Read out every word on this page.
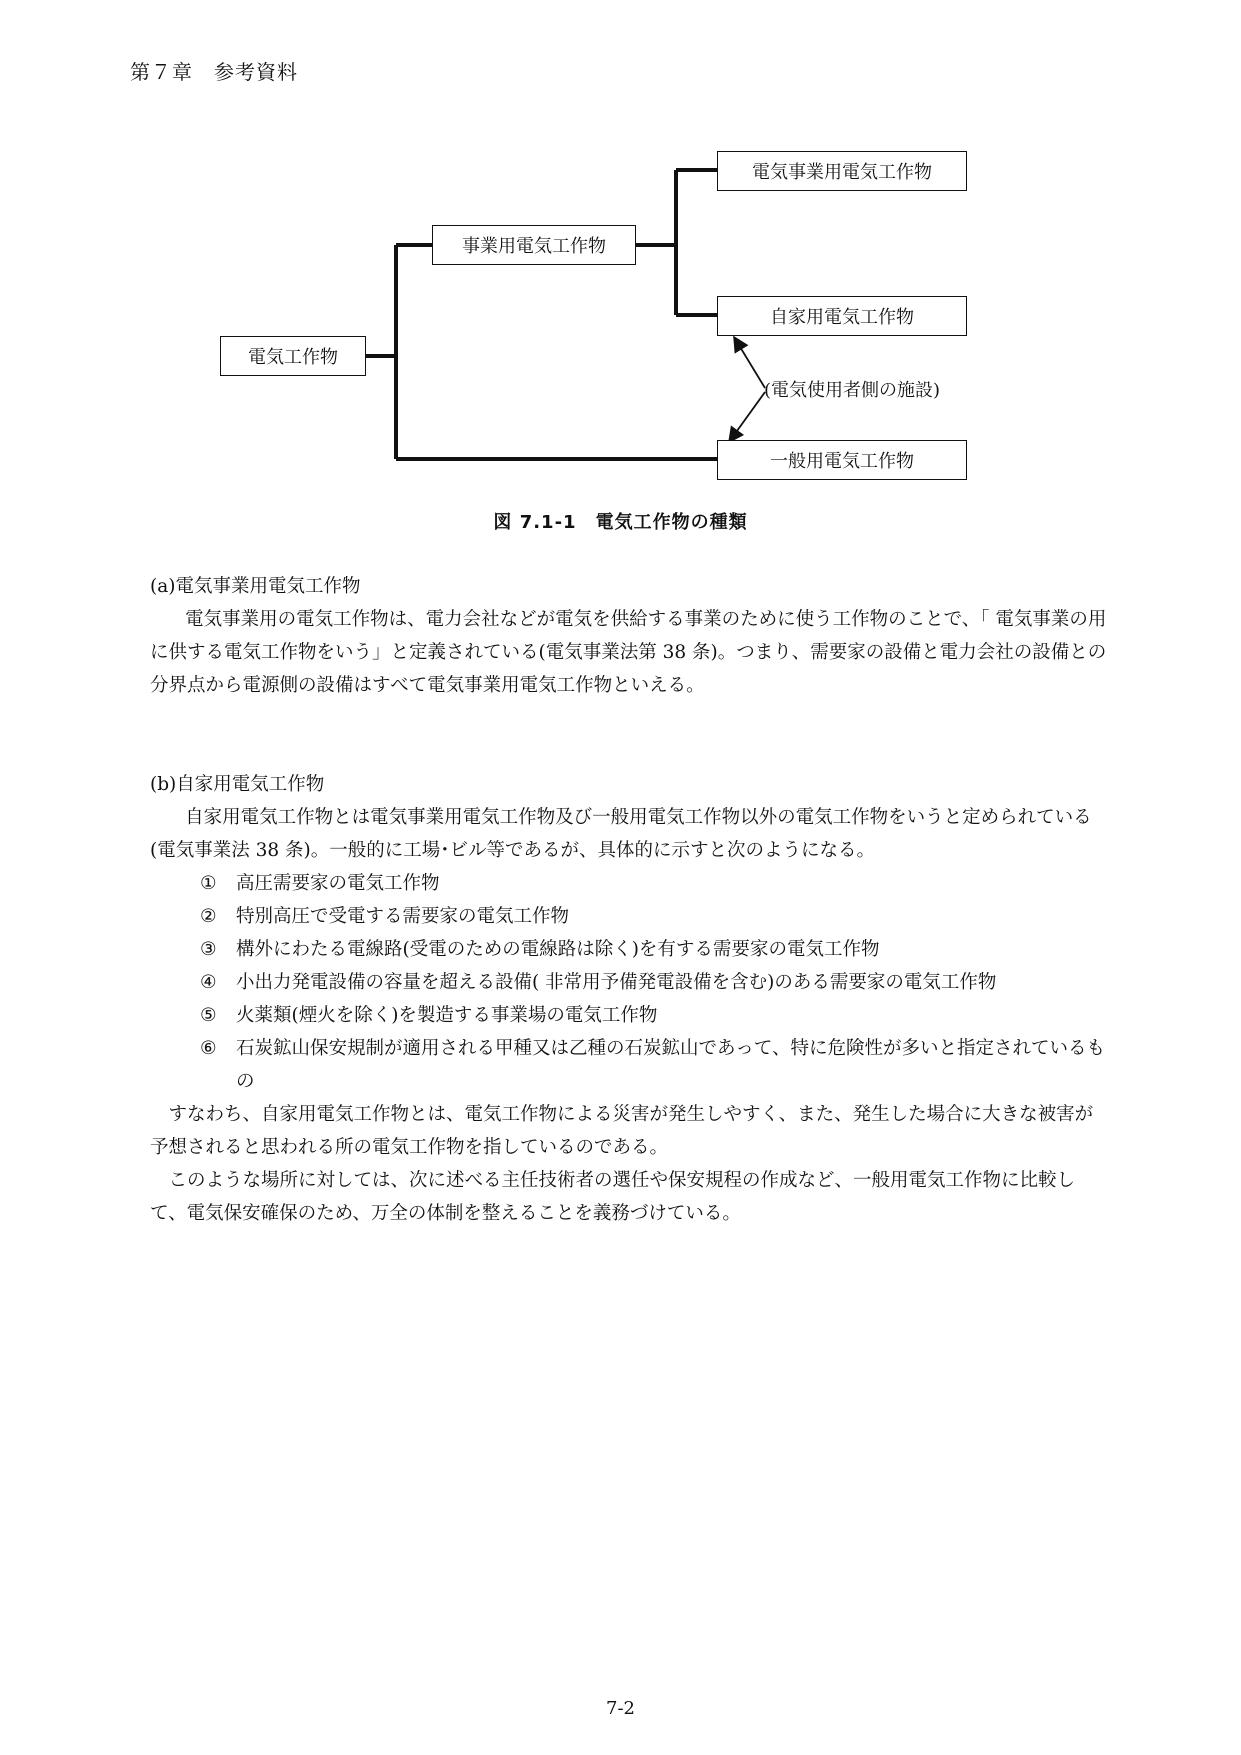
第７章　参考資料
電気工作物
事業用電気工作物
電気事業用電気工作物
自家用電気工作物
一般用電気工作物
(電気使用者側の施設)
図 7.1-1　電気工作物の種類

(a)電気事業用電気工作物

電気事業用の電気工作物は、電力会社などが電気を供給する事業のために使う工作物のことで、「 電気事業の用に供する電気工作物をいう」と定義されている(電気事業法第 38 条)。つまり、需要家の設備と電力会社の設備との分界点から電源側の設備はすべて電気事業用電気工作物といえる。

(b)自家用電気工作物

自家用電気工作物とは電気事業用電気工作物及び一般用電気工作物以外の電気工作物をいうと定められている(電気事業法 38 条)。一般的に工場･ビル等であるが、具体的に示すと次のようになる。

① 高圧需要家の電気工作物
② 特別高圧で受電する需要家の電気工作物
③ 構外にわたる電線路(受電のための電線路は除く)を有する需要家の電気工作物
④ 小出力発電設備の容量を超える設備( 非常用予備発電設備を含む)のある需要家の電気工作物
⑤ 火薬類(煙火を除く)を製造する事業場の電気工作物
⑥ 石炭鉱山保安規制が適用される甲種又は乙種の石炭鉱山であって、特に危険性が多いと指定されているもの

すなわち、自家用電気工作物とは、電気工作物による災害が発生しやすく、また、発生した場合に大きな被害が予想されると思われる所の電気工作物を指しているのである。

このような場所に対しては、次に述べる主任技術者の選任や保安規程の作成など、一般用電気工作物に比較して、電気保安確保のため、万全の体制を整えることを義務づけている。

7-2
